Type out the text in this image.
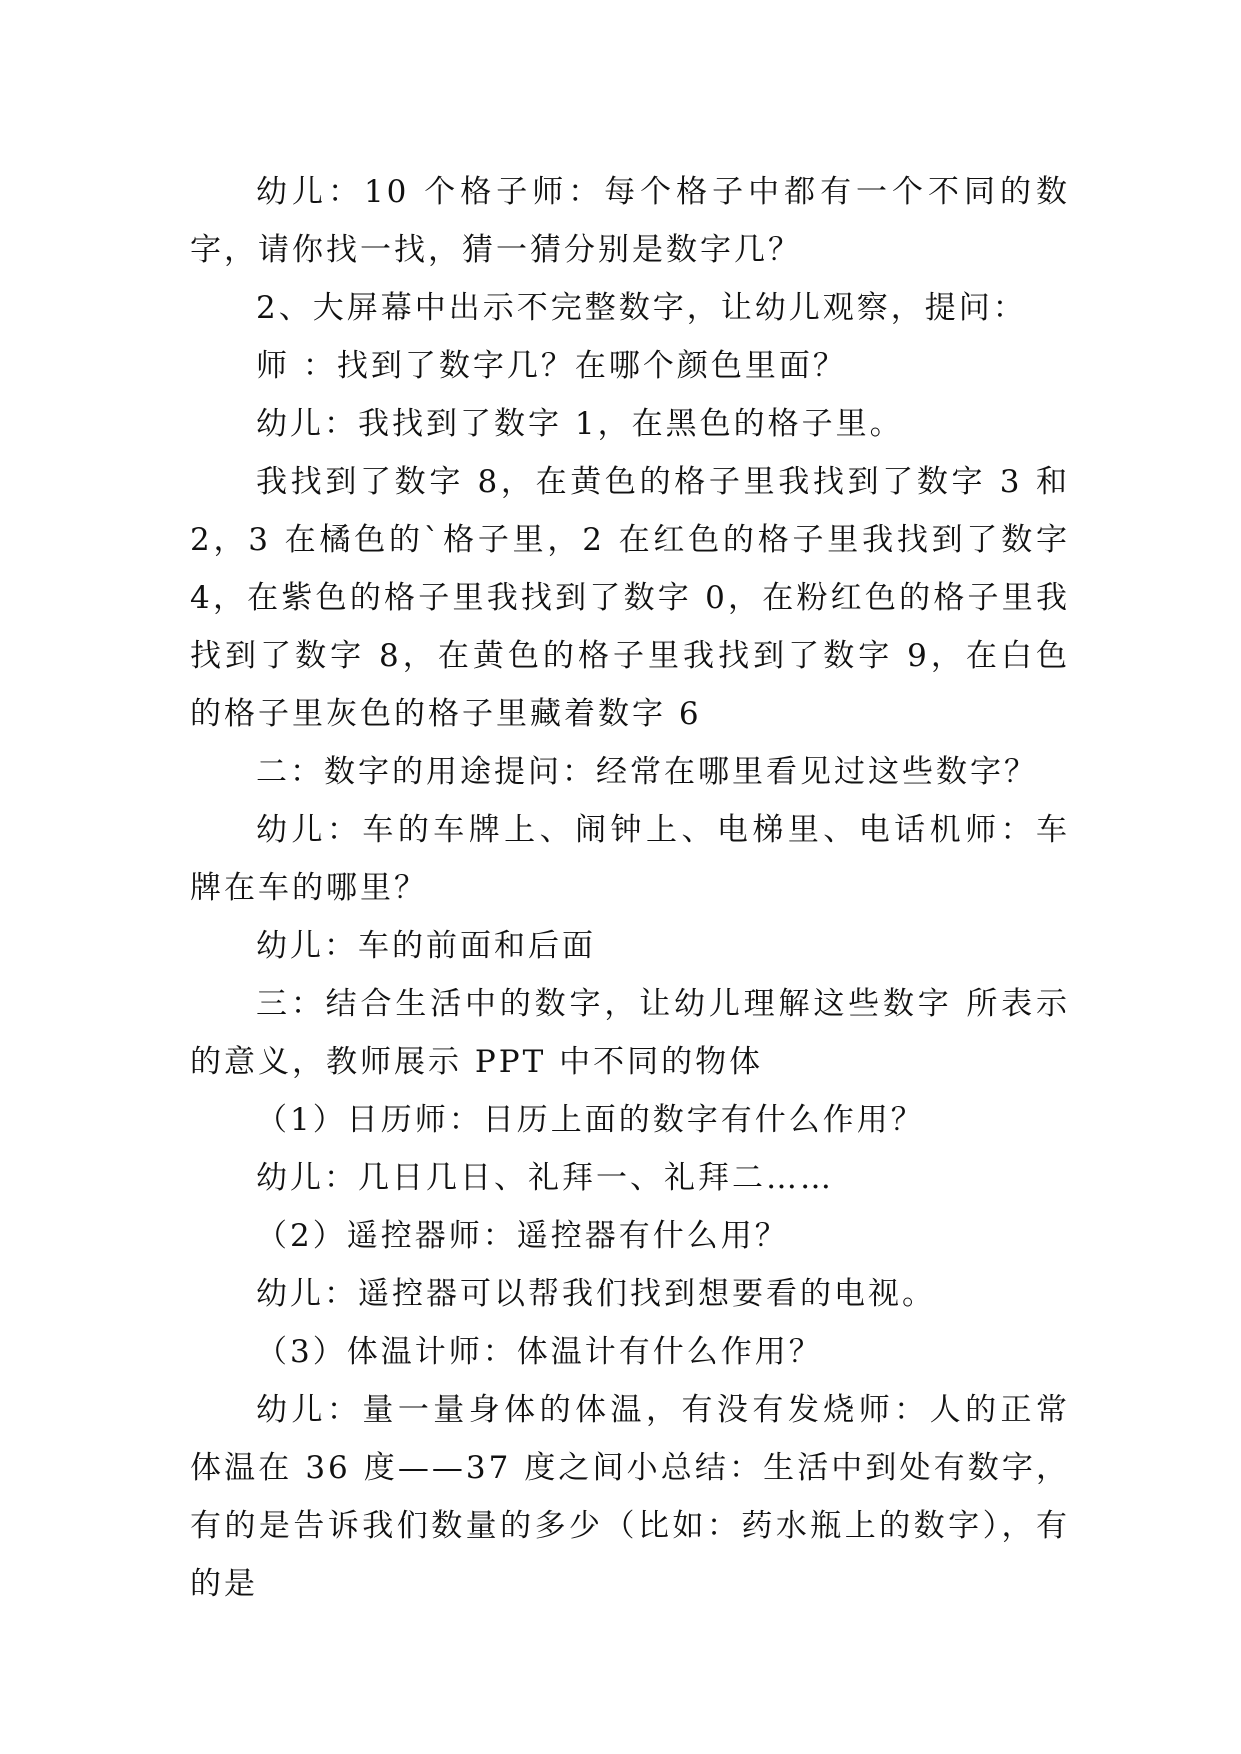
幼儿：10 个格子师：每个格子中都有一个不同的数字，请你找一找，猜一猜分别是数字几？

2、大屏幕中出示不完整数字，让幼儿观察，提问：

师 ：找到了数字几？在哪个颜色里面？

幼儿：我找到了数字 1，在黑色的格子里。

我找到了数字 8，在黄色的格子里我找到了数字 3 和 2，3 在橘色的`格子里，2 在红色的格子里我找到了数字 4，在紫色的格子里我找到了数字 0，在粉红色的格子里我找到了数字 8，在黄色的格子里我找到了数字 9，在白色的格子里灰色的格子里藏着数字 6

二：数字的用途提问：经常在哪里看见过这些数字？

幼儿：车的车牌上、闹钟上、电梯里、电话机师：车牌在车的哪里？

幼儿：车的前面和后面

三：结合生活中的数字，让幼儿理解这些数字 所表示的意义，教师展示 PPT 中不同的物体

（1）日历师：日历上面的数字有什么作用？

幼儿：几日几日、礼拜一、礼拜二……

（2）遥控器师：遥控器有什么用？

幼儿：遥控器可以帮我们找到想要看的电视。

（3）体温计师：体温计有什么作用？

幼儿：量一量身体的体温，有没有发烧师：人的正常体温在 36 度——37 度之间小总结：生活中到处有数字，有的是告诉我们数量的多少（比如：药水瓶上的数字），有的是
